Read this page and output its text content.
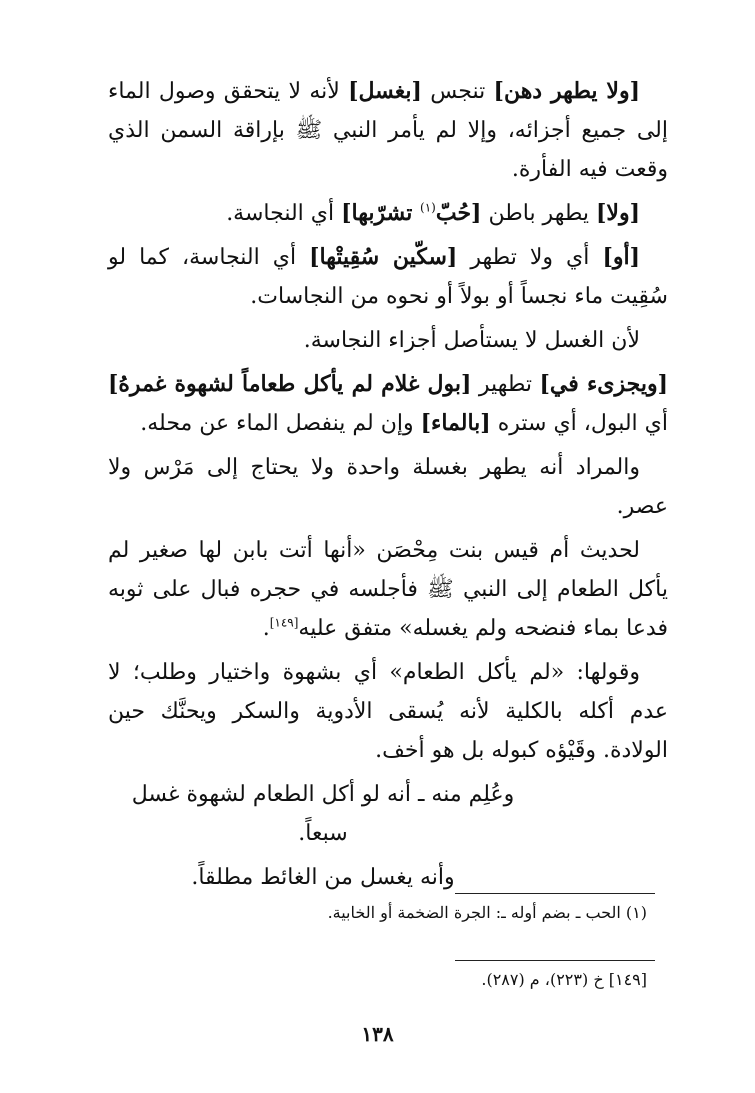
[ولا يطهر دهن] تنجس [بغسل] لأنه لا يتحقق وصول الماء إلى جميع أجزائه، وإلا لم يأمر النبي ﷺ بإراقة السمن الذي وقعت فيه الفأرة.

[ولا] يطهر باطن [حُبّ$^{(١)}$ تشرّبها] أي النجاسة.

[أو] أي ولا تطهر [سكّين سُقِيتْها] أي النجاسة، كما لو سُقِيت ماء نجساً أو بولاً أو نحوه من النجاسات.

لأن الغسل لا يستأصل أجزاء النجاسة.

[ويجزىء في] تطهير [بول غلام لم يأكل طعاماً لشهوة غمرهُ] أي البول، أي ستره [بالماء] وإن لم ينفصل الماء عن محله.

والمراد أنه يطهر بغسلة واحدة ولا يحتاج إلى مَرْس ولا عصر.

لحديث أم قيس بنت مِحْصَن «أنها أتت بابن لها صغير لم يأكل الطعام إلى النبي ﷺ فأجلسه في حجره فبال على ثوبه فدعا بماء فنضحه ولم يغسله» متفق عليه[١٤٩].

وقولها: «لم يأكل الطعام» أي بشهوة واختيار وطلب؛ لا عدم أكله بالكلية لأنه يُسقى الأدوية والسكر ويحنَّك حين الولادة. وقَيْؤه كبوله بل هو أخف.

وعُلِم منه ـ أنه لو أكل الطعام لشهوة غسل سبعاً.

وأنه يغسل من الغائط مطلقاً.

(١) الحب ـ بضم أوله ـ: الجرة الضخمة أو الخابية.
[١٤٩] خ (٢٢٣)، م (٢٨٧).
١٣٨
